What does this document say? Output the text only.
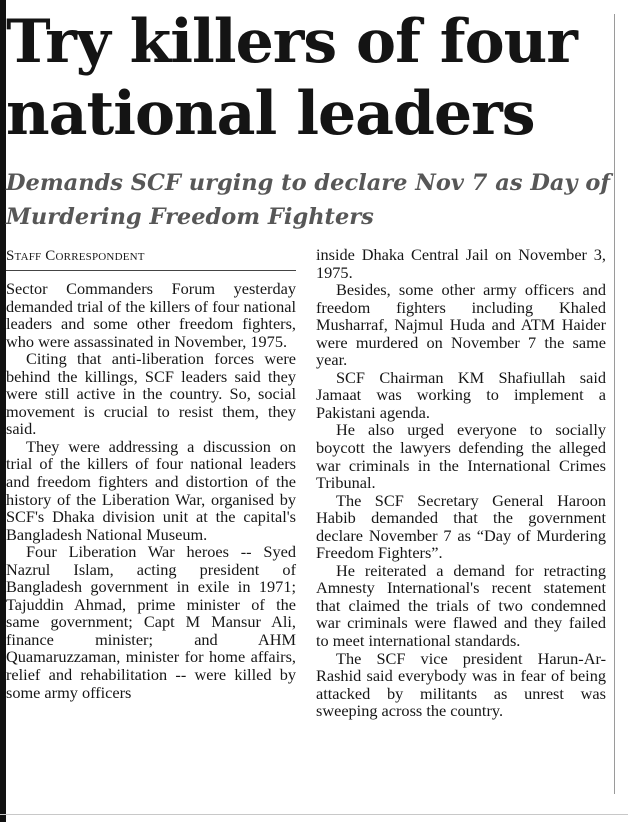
Try killers of four national leaders
Demands SCF urging to declare Nov 7 as Day of Murdering Freedom Fighters
Staff Correspondent

Sector Commanders Forum yesterday demanded trial of the killers of four national leaders and some other freedom fighters, who were assassinated in November, 1975.

Citing that anti-liberation forces were behind the killings, SCF leaders said they were still active in the country. So, social movement is crucial to resist them, they said.

They were addressing a discussion on trial of the killers of four national leaders and freedom fighters and distortion of the history of the Liberation War, organised by SCF's Dhaka division unit at the capital's Bangladesh National Museum.

Four Liberation War heroes -- Syed Nazrul Islam, acting president of Bangladesh government in exile in 1971; Tajuddin Ahmad, prime minister of the same government; Capt M Mansur Ali, finance minister; and AHM Quamaruzzaman, minister for home affairs, relief and rehabilitation -- were killed by some army officers

inside Dhaka Central Jail on November 3, 1975.

Besides, some other army officers and freedom fighters including Khaled Musharraf, Najmul Huda and ATM Haider were murdered on November 7 the same year.

SCF Chairman KM Shafiullah said Jamaat was working to implement a Pakistani agenda.

He also urged everyone to socially boycott the lawyers defending the alleged war criminals in the International Crimes Tribunal.

The SCF Secretary General Haroon Habib demanded that the government declare November 7 as “Day of Murdering Freedom Fighters”.

He reiterated a demand for retracting Amnesty International's recent statement that claimed the trials of two condemned war criminals were flawed and they failed to meet international standards.

The SCF vice president Harun-Ar-Rashid said everybody was in fear of being attacked by militants as unrest was sweeping across the country.
